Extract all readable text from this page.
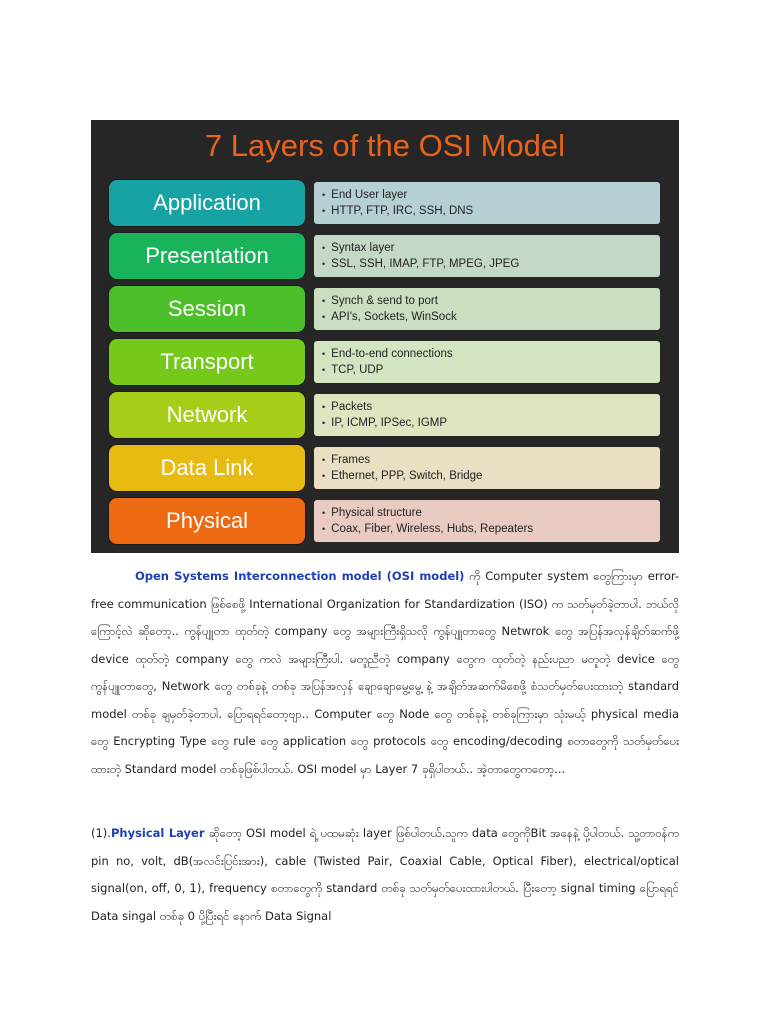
7 Layers of the OSI Model
Application	• End User layer
• HTTP, FTP, IRC, SSH, DNS
Presentation	• Syntax layer
• SSL, SSH, IMAP, FTP, MPEG, JPEG
Session	• Synch & send to port
• API's, Sockets, WinSock
Transport	• End-to-end connections
• TCP, UDP
Network	• Packets
• IP, ICMP, IPSec, IGMP
Data Link	• Frames
• Ethernet, PPP, Switch, Bridge
Physical	• Physical structure
• Coax, Fiber, Wireless, Hubs, Repeaters
Open Systems Interconnection model (OSI model) ကို Computer system တွေကြားမှာ error-free communication ဖြစ်စေဖို့ International Organization for Standardization (ISO) က သတ်မှတ်ခဲ့တာပါ. ဘယ်လိုကြောင့်လဲ ဆိုတော့.. ကွန်ပျူတာ ထုတ်တဲ့ company တွေ အများကြီးရှိသလို ကွန်ပျူတာတွေ Netwrok တွေ အပြန်အလှန်ချိတ်ဆက်ဖို့ device ထုတ်တဲ့ company တွေ ကလဲ အများကြီးပါ. မတူညီတဲ့ company တွေက ထုတ်တဲ့ နည်းပညာ မတူတဲ့ device တွေ ကွန်ပျူတာတွေ, Network တွေ တစ်ခုနဲ့ တစ်ခု အပြန်အလှန် ချောချောမွေ့မွေ့ နဲ့ အချိတ်အဆက်မိစေဖို့ စံသတ်မှတ်ပေးထားတဲ့ standard model တစ်ခု ချမှတ်ခဲ့တာပါ. ပြောရရင်တော့ဗျာ.. Computer တွေ Node တွေ တစ်ခုနဲ့ တစ်ခုကြားမှာ သုံးမယ့် physical media တွေ Encrypting Type တွေ rule တွေ application တွေ protocols တွေ encoding/decoding စတာတွေကို သတ်မှတ်ပေးထားတဲ့ Standard model တစ်ခုဖြစ်ပါတယ်. OSI model မှာ Layer 7 ခုရှိပါတယ်.. အဲ့တာတွေကတော့...
(1).Physical Layer ဆိုတော့ OSI model ရဲ့ ပထမဆုံး layer ဖြစ်ပါတယ်.သူက data တွေကိုBit အနေနဲ့ ပို့ပါတယ်. သူ့တာဝန်က pin no, volt, dB(အလင်းပြင်းအား), cable (Twisted Pair, Coaxial Cable, Optical Fiber), electrical/optical signal(on, off, 0, 1), frequency စတာတွေကို standard တစ်ခု သတ်မှတ်ပေးထားပါတယ်. ပြီးတော့ signal timing ပြောရရင် Data singal တစ်ခု 0 ပို့ပြီးရင် နောက် Data Signal
